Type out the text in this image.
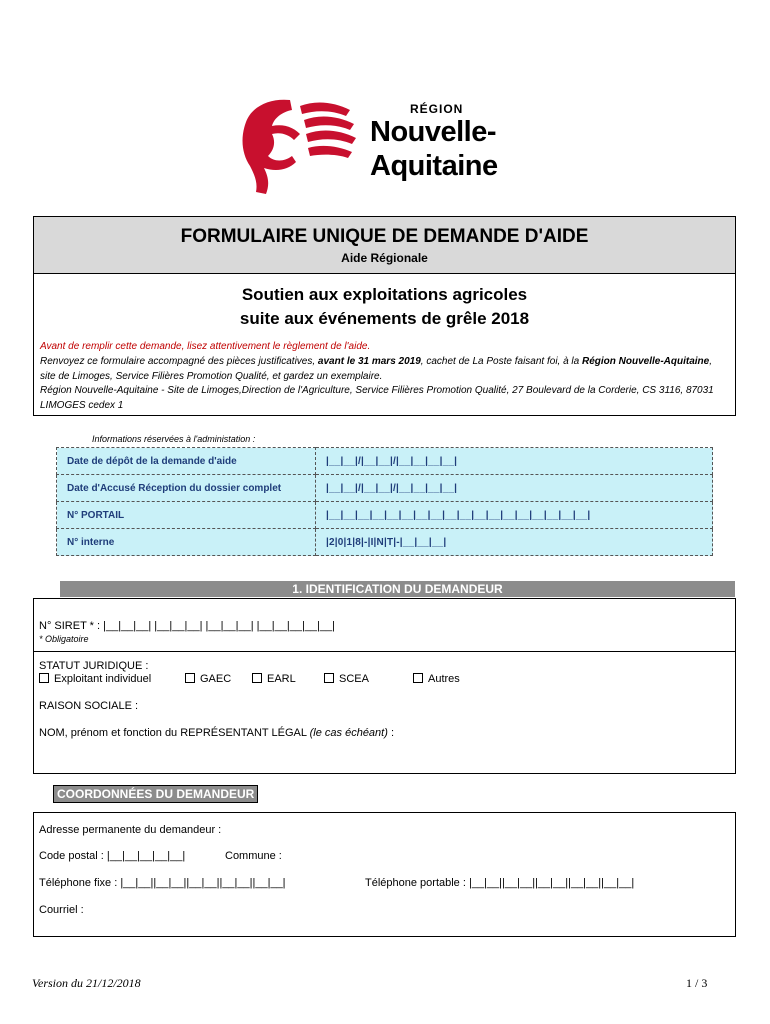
RÉGION
Nouvelle-
Aquitaine
FORMULAIRE UNIQUE DE DEMANDE D'AIDE
Aide Régionale
Soutien aux exploitations agricoles
suite aux événements de grêle 2018
Avant de remplir cette demande, lisez attentivement le règlement de l'aide.
Renvoyez ce formulaire accompagné des pièces justificatives, avant le 31 mars 2019, cachet de La Poste faisant foi, à la Région Nouvelle-Aquitaine, site de Limoges, Service Filières Promotion Qualité, et gardez un exemplaire.
Région Nouvelle-Aquitaine - Site de Limoges,Direction de l'Agriculture, Service Filières Promotion Qualité, 27 Boulevard de la Corderie, CS 3116, 87031 LIMOGES cedex 1
Informations réservées à l'administation :
Date de dépôt de la demande d'aide	|__|__|/|__|__|/|__|__|__|__|
Date d'Accusé Réception du dossier complet	|__|__|/|__|__|/|__|__|__|__|
N° PORTAIL	|__|__|__|__|__|__|__|__|__|__|__|__|__|__|__|__|__|__|
N° interne	|2|0|1|8|-|I|N|T|-|__|__|__|
1. IDENTIFICATION DU DEMANDEUR
N° SIRET * : |__|__|__| |__|__|__| |__|__|__| |__|__|__|__|__|
* Obligatoire
STATUT JURIDIQUE :
Exploitant individuel	GAEC	EARL	SCEA	Autres
RAISON SOCIALE :
NOM, prénom et fonction du REPRÉSENTANT LÉGAL (le cas échéant) :
COORDONNÉES DU DEMANDEUR
Adresse permanente du demandeur :
Code postal : |__|__|__|__|__|	Commune :
Téléphone fixe : |__|__||__|__||__|__||__|__||__|__|	Téléphone portable : |__|__||__|__||__|__||__|__||__|__|
Courriel :
Version du 21/12/2018	1 / 3
